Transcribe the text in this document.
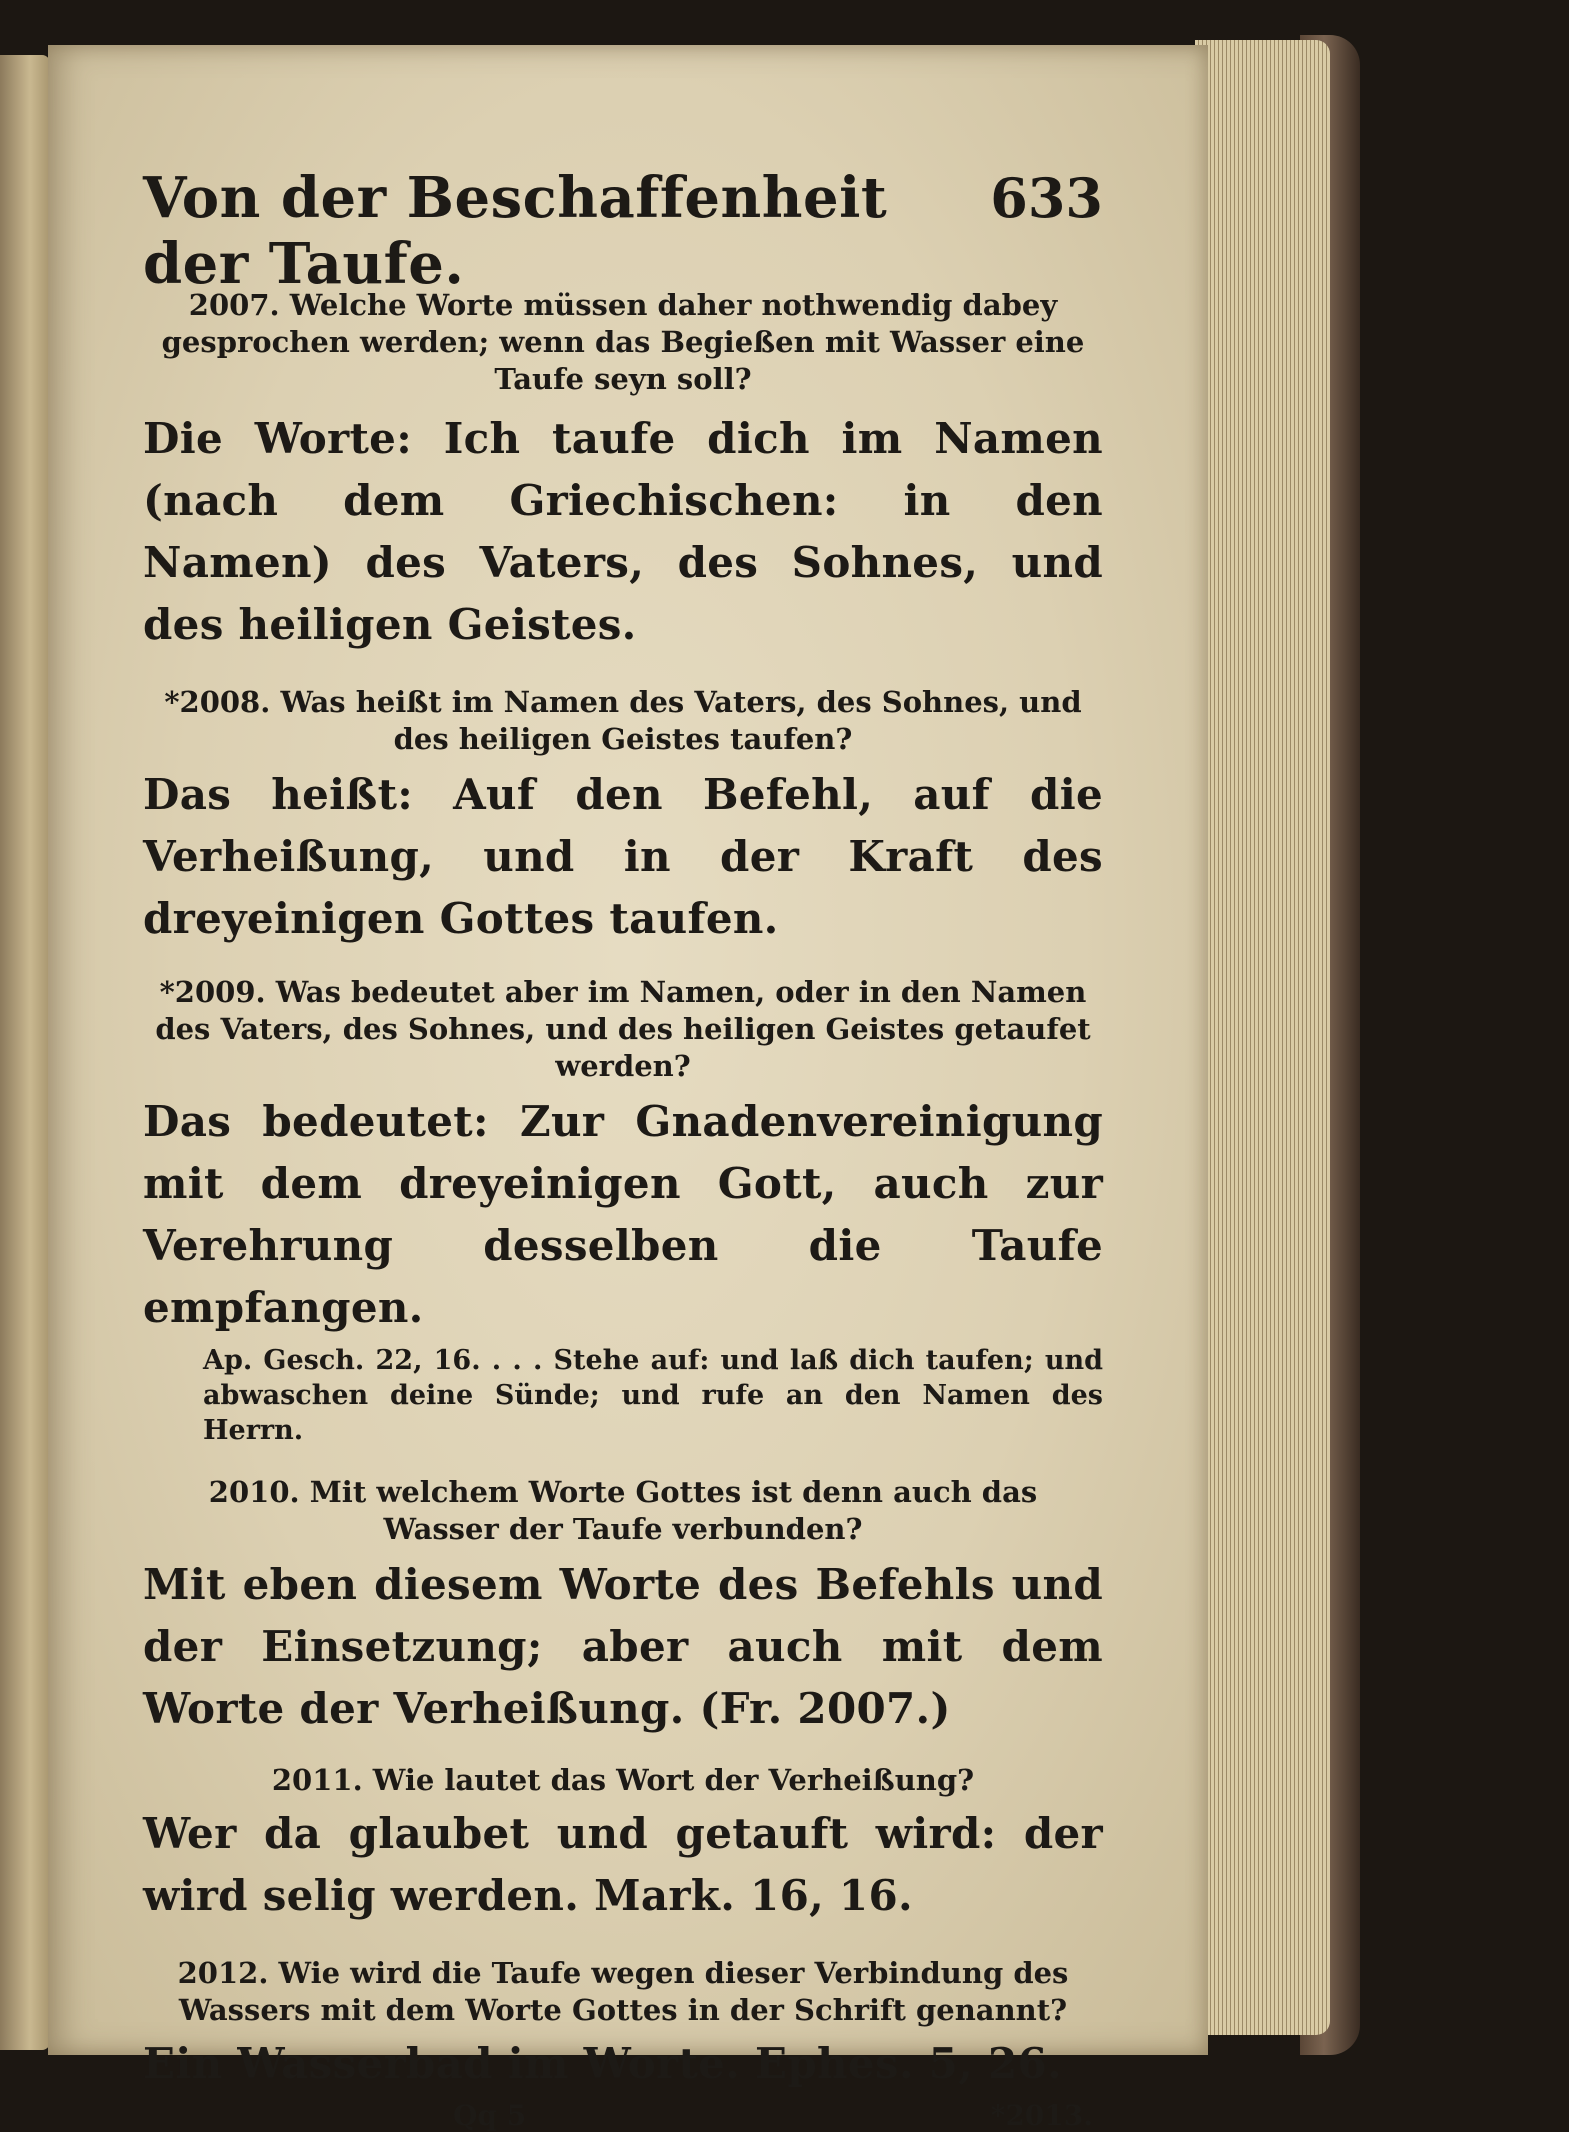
Von der Beschaffenheit der Taufe.
633
2007. Welche Worte müssen daher nothwendig dabey gesprochen werden; wenn das Begießen mit Wasser eine Taufe seyn soll?
Die Worte: Ich taufe dich im Namen (nach dem Griechischen: in den Namen) des Vaters, des Sohnes, und des heiligen Geistes.
*2008. Was heißt im Namen des Vaters, des Sohnes, und des heiligen Geistes taufen?
Das heißt: Auf den Befehl, auf die Verheißung, und in der Kraft des dreyeinigen Gottes taufen.
*2009. Was bedeutet aber im Namen, oder in den Namen des Vaters, des Sohnes, und des heiligen Geistes getaufet werden?
Das bedeutet: Zur Gnadenvereinigung mit dem dreyeinigen Gott, auch zur Verehrung desselben die Taufe empfangen.
Ap. Gesch. 22, 16. . . . Stehe auf: und laß dich taufen; und abwaschen deine Sünde; und rufe an den Namen des Herrn.
2010. Mit welchem Worte Gottes ist denn auch das Wasser der Taufe verbunden?
Mit eben diesem Worte des Befehls und der Einsetzung; aber auch mit dem Worte der Verheißung. (Fr. 2007.)
2011. Wie lautet das Wort der Verheißung?
Wer da glaubet und getauft wird: der wird selig werden. Mark. 16, 16.
2012. Wie wird die Taufe wegen dieser Verbindung des Wassers mit dem Worte Gottes in der Schrift genannt?
Ein Wasserbad im Worte. Ephes. 5, 26.
Qq 5	*2013.
